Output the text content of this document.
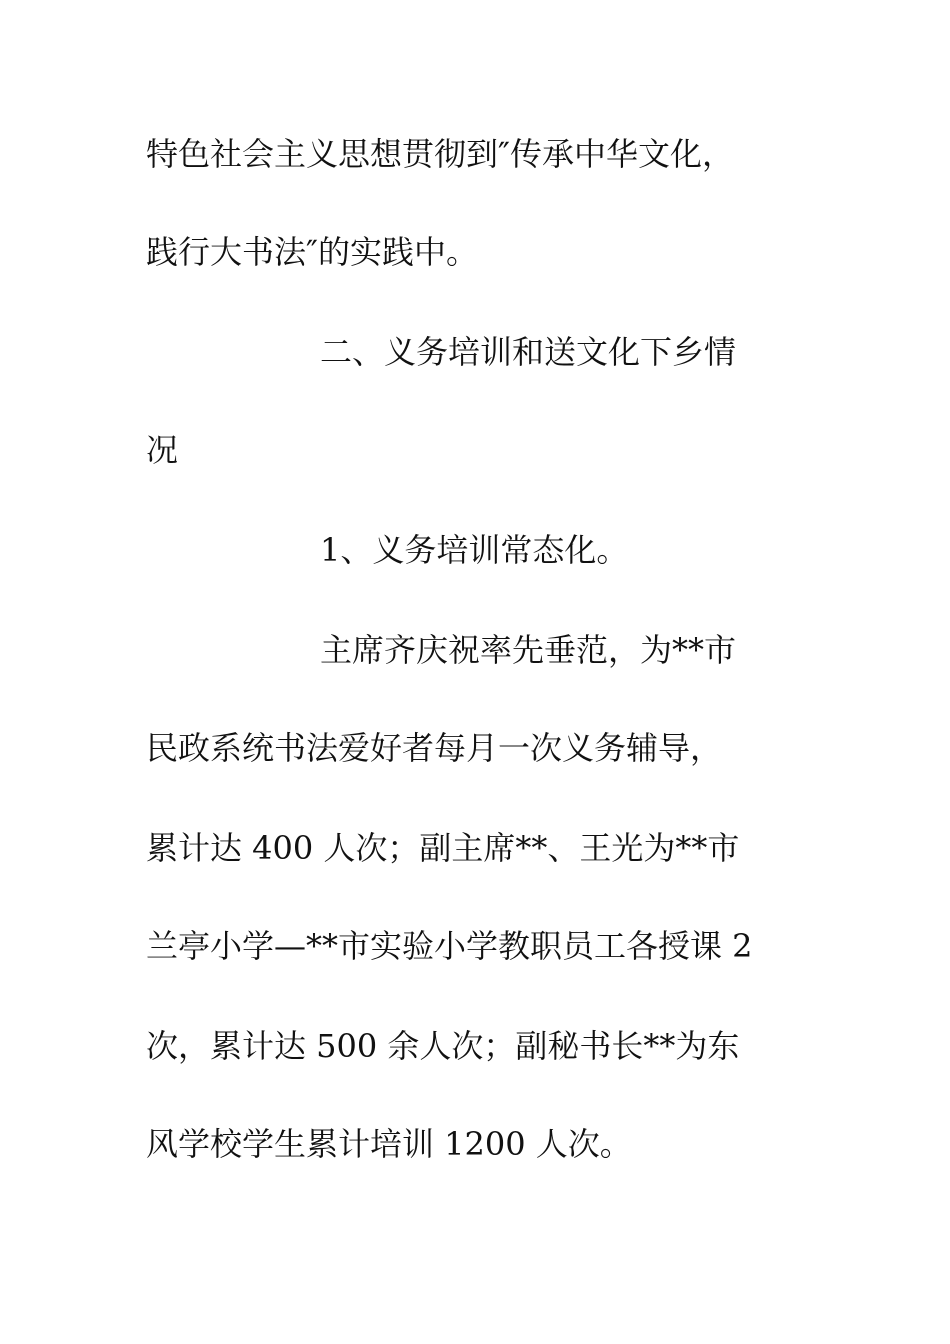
特色社会主义思想贯彻到″传承中华文化，
践行大书法″的实践中。
二、义务培训和送文化下乡情
况
1、义务培训常态化。
主席齐庆祝率先垂范，为**市
民政系统书法爱好者每月一次义务辅导，
累计达 400 人次；副主席**、王光为**市
兰亭小学—**市实验小学教职员工各授课 2
次，累计达 500 余人次；副秘书长**为东
风学校学生累计培训 1200 人次。
